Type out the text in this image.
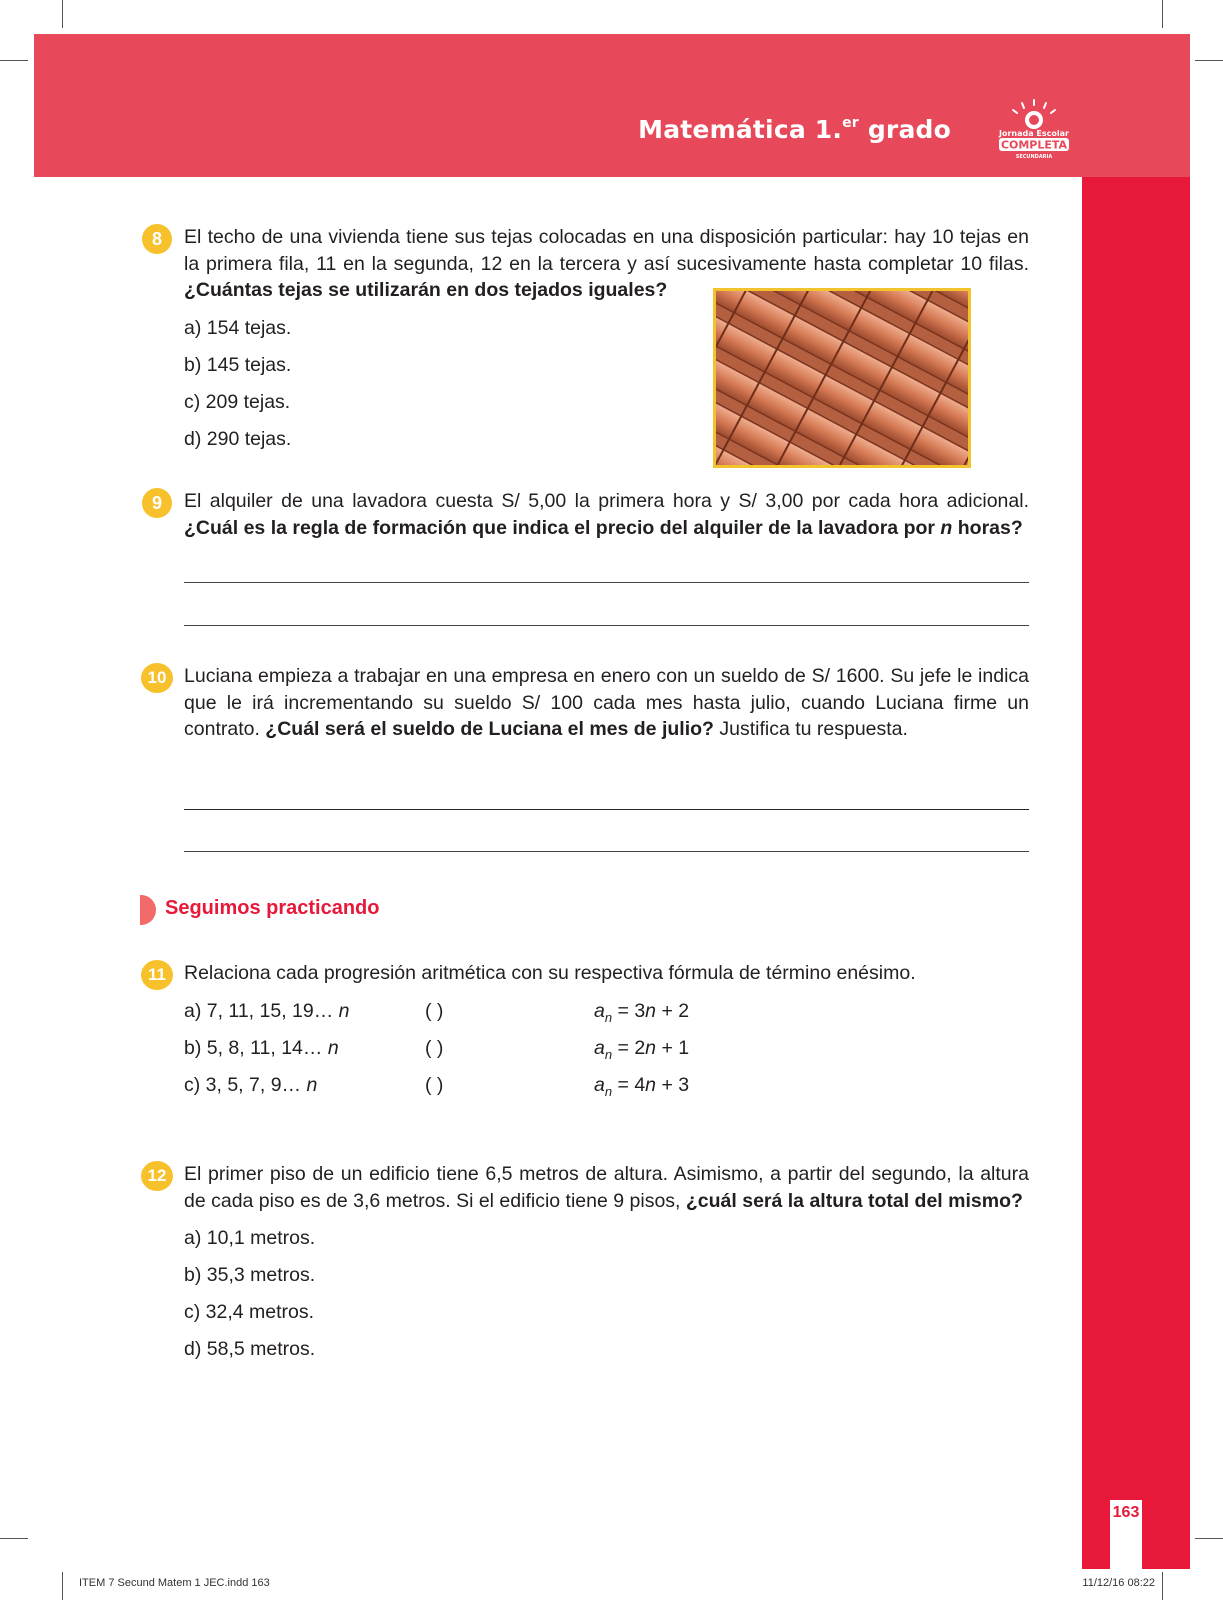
Matemática 1.$^{er}$ grado	Jornada Escolar
COMPLETA
SECUNDARIA
163
8	El techo de una vivienda tiene sus tejas colocadas en una disposición particular: hay 10 tejas en la primera fila, 11 en la segunda, 12 en la tercera y así sucesivamente hasta completar 10 filas. ¿Cuántas tejas se utilizarán en dos tejados iguales?
a) 154 tejas.
b) 145 tejas.
c) 209 tejas.
d) 290 tejas.
9	El alquiler de una lavadora cuesta S/ 5,00 la primera hora y S/ 3,00 por cada hora adicional. ¿Cuál es la regla de formación que indica el precio del alquiler de la lavadora por n horas?
10 Luciana empieza a trabajar en una empresa en enero con un sueldo de S/ 1600. Su jefe le indica que le irá incrementando su sueldo S/ 100 cada mes hasta julio, cuando Luciana firme un contrato. ¿Cuál será el sueldo de Luciana el mes de julio? Justifica tu respuesta.
Seguimos practicando
11 Relaciona cada progresión aritmética con su respectiva fórmula de término enésimo.
a) 7, 11, 15, 19… n	( )	$a_n = 3n + 2$
b) 5, 8, 11, 14… n	( )	$a_n = 2n + 1$
c) 3, 5, 7, 9… n	( )	$a_n = 4n + 3$
12 El primer piso de un edificio tiene 6,5 metros de altura. Asimismo, a partir del segundo, la altura de cada piso es de 3,6 metros. Si el edificio tiene 9 pisos, ¿cuál será la altura total del mismo?
a) 10,1 metros.
b) 35,3 metros.
c) 32,4 metros.
d) 58,5 metros.
ITEM 7 Secund Matem 1 JEC.indd 163	11/12/16 08:22
